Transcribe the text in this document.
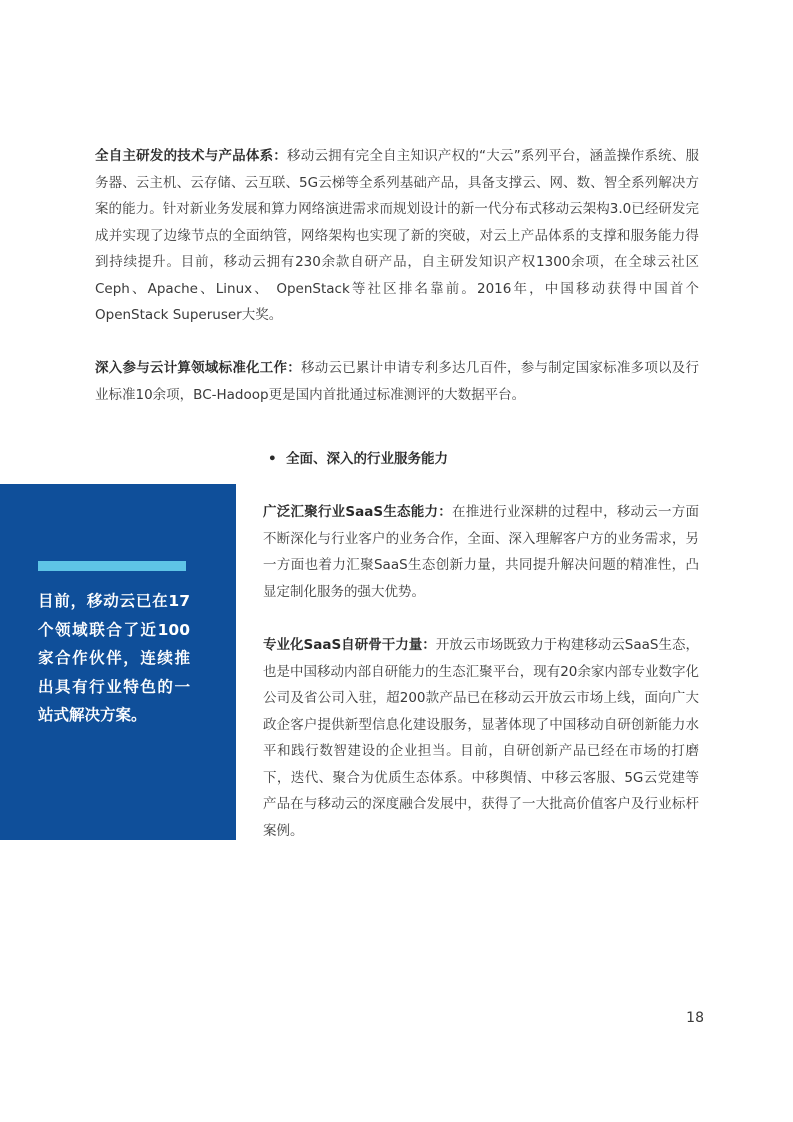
全自主研发的技术与产品体系：移动云拥有完全自主知识产权的“大云”系列平台，涵盖操作系统、服务器、云主机、云存储、云互联、5G云梯等全系列基础产品，具备支撑云、网、数、智全系列解决方案的能力。针对新业务发展和算力网络演进需求而规划设计的新一代分布式移动云架构3.0已经研发完成并实现了边缘节点的全面纳管，网络架构也实现了新的突破，对云上产品体系的支撑和服务能力得到持续提升。目前，移动云拥有230余款自研产品，自主研发知识产权1300余项，在全球云社区Ceph、Apache、Linux、 OpenStack等社区排名靠前。2016年，中国移动获得中国首个OpenStack Superuser大奖。
深入参与云计算领域标准化工作：移动云已累计申请专利多达几百件，参与制定国家标准多项以及行业标准10余项，BC-Hadoop更是国内首批通过标准测评的大数据平台。
• 全面、深入的行业服务能力
目前，移动云已在17个领域联合了近100家合作伙伴，连续推出具有行业特色的一站式解决方案。
广泛汇聚行业SaaS生态能力：在推进行业深耕的过程中，移动云一方面不断深化与行业客户的业务合作，全面、深入理解客户方的业务需求，另一方面也着力汇聚SaaS生态创新力量，共同提升解决问题的精准性，凸显定制化服务的强大优势。
专业化SaaS自研骨干力量：开放云市场既致力于构建移动云SaaS生态，也是中国移动内部自研能力的生态汇聚平台，现有20余家内部专业数字化公司及省公司入驻，超200款产品已在移动云开放云市场上线，面向广大政企客户提供新型信息化建设服务，显著体现了中国移动自研创新能力水平和践行数智建设的企业担当。目前，自研创新产品已经在市场的打磨下，迭代、聚合为优质生态体系。中移舆情、中移云客服、5G云党建等产品在与移动云的深度融合发展中，获得了一大批高价值客户及行业标杆案例。
18
